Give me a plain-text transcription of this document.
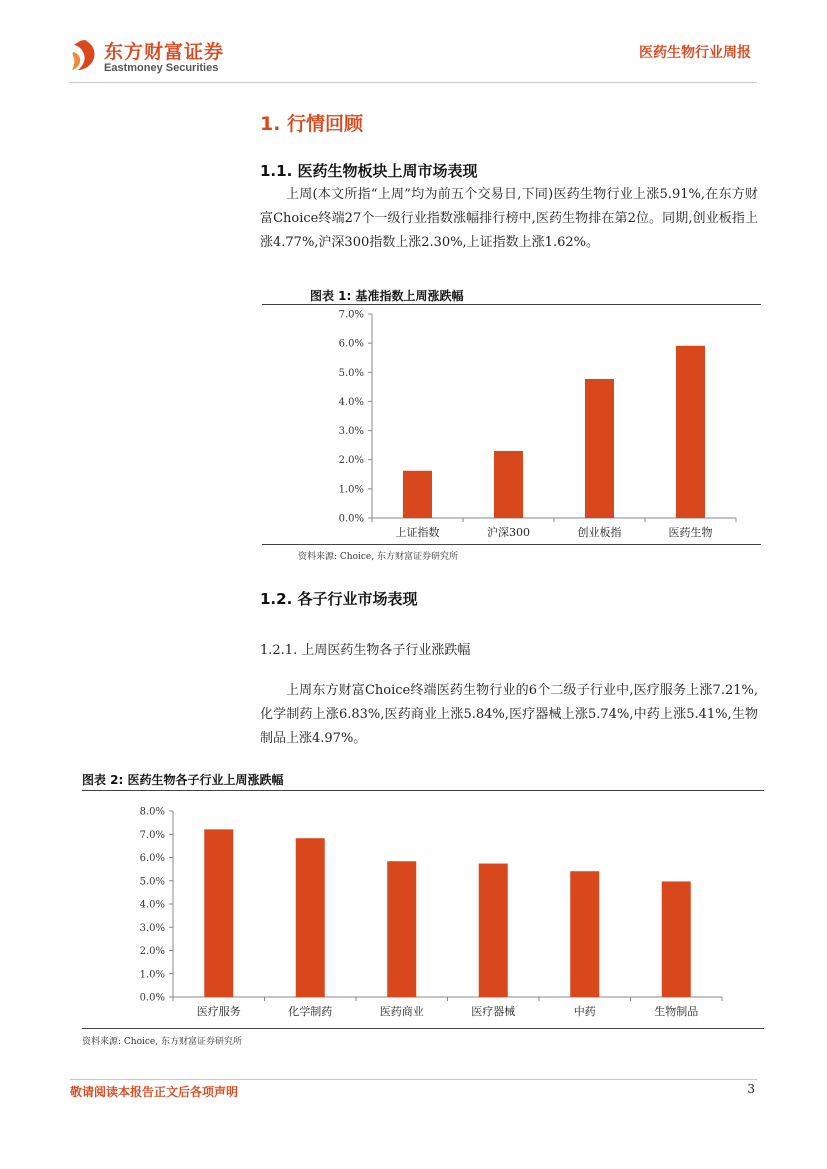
东方财富证券
Eastmoney Securities
医药生物行业周报
1. 行情回顾
1.1. 医药生物板块上周市场表现
上周(本文所指“上周”均为前五个交易日,下同)医药生物行业上涨5.91%,在东方财富Choice终端27个一级行业指数涨幅排行榜中,医药生物排在第2位。同期,创业板指上涨4.77%,沪深300指数上涨2.30%,上证指数上涨1.62%。
图表 1: 基准指数上周涨跌幅
0.0%
1.0%
2.0%
3.0%
4.0%
5.0%
6.0%
7.0%
上证指数	沪深300	创业板指	医药生物
资料来源: Choice, 东方财富证券研究所
1.2. 各子行业市场表现
1.2.1. 上周医药生物各子行业涨跌幅
上周东方财富Choice终端医药生物行业的6个二级子行业中,医疗服务上涨7.21%,化学制药上涨6.83%,医药商业上涨5.84%,医疗器械上涨5.74%,中药上涨5.41%,生物制品上涨4.97%。
图表 2: 医药生物各子行业上周涨跌幅
0.0%
1.0%
2.0%
3.0%
4.0%
5.0%
6.0%
7.0%
8.0%
医疗服务	化学制药	医药商业	医疗器械	中药	生物制品
资料来源: Choice, 东方财富证券研究所
敬请阅读本报告正文后各项声明	3
